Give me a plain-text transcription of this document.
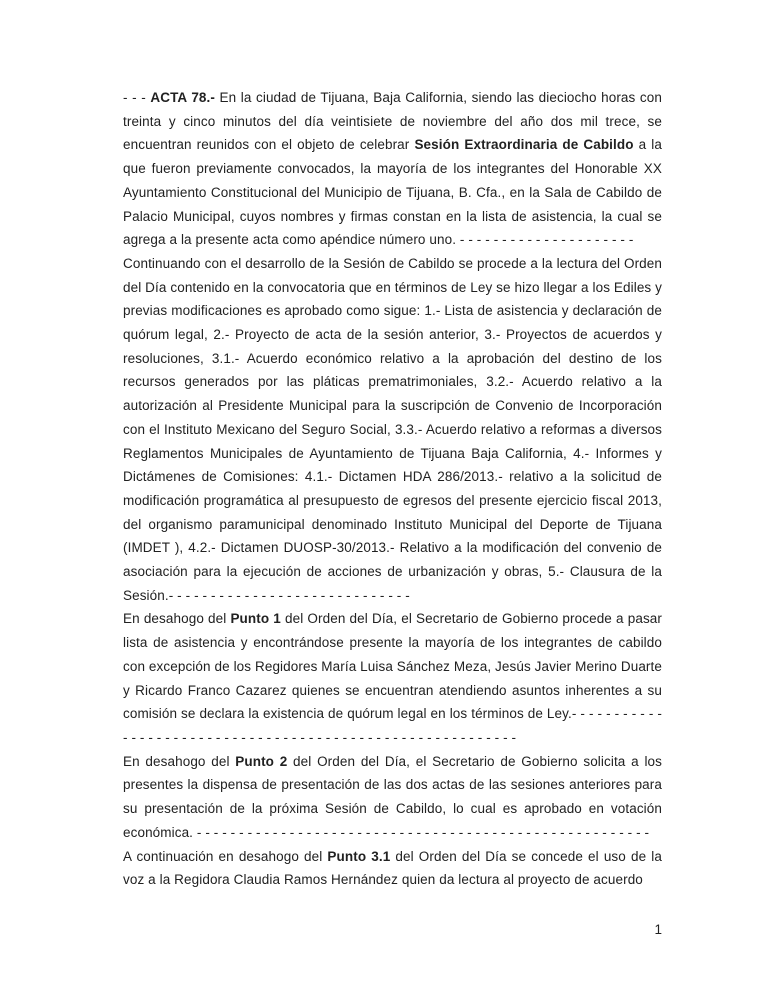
- - - ACTA 78.- En la ciudad de Tijuana, Baja California, siendo las dieciocho horas con treinta y cinco minutos del día veintisiete de noviembre del año dos mil trece, se encuentran reunidos con el objeto de celebrar Sesión Extraordinaria de Cabildo a la que fueron previamente convocados, la mayoría de los integrantes del Honorable XX Ayuntamiento Constitucional del Municipio de Tijuana, B. Cfa., en la Sala de Cabildo de Palacio Municipal, cuyos nombres y firmas constan en la lista de asistencia, la cual se agrega a la presente acta como apéndice número uno. - - - - - - - - - - - - - - - - - - - - -

Continuando con el desarrollo de la Sesión de Cabildo se procede a la lectura del Orden del Día contenido en la convocatoria que en términos de Ley se hizo llegar a los Ediles y previas modificaciones es aprobado como sigue: 1.- Lista de asistencia y declaración de quórum legal, 2.- Proyecto de acta de la sesión anterior, 3.- Proyectos de acuerdos y resoluciones, 3.1.- Acuerdo económico relativo a la aprobación del destino de los recursos generados por las pláticas prematrimoniales, 3.2.- Acuerdo relativo a la autorización al Presidente Municipal para la suscripción de Convenio de Incorporación con el Instituto Mexicano del Seguro Social, 3.3.- Acuerdo relativo a reformas a diversos Reglamentos Municipales de Ayuntamiento de Tijuana Baja California, 4.- Informes y Dictámenes de Comisiones: 4.1.- Dictamen HDA 286/2013.- relativo a la solicitud de modificación programática al presupuesto de egresos del presente ejercicio fiscal 2013, del organismo paramunicipal denominado Instituto Municipal del Deporte de Tijuana (IMDET ), 4.2.- Dictamen DUOSP-30/2013.- Relativo a la modificación del convenio de asociación para la ejecución de acciones de urbanización y obras, 5.- Clausura de la Sesión.- - - - - - - - - - - - - - - - - - - - - - - - - - - - -

En desahogo del Punto 1 del Orden del Día, el Secretario de Gobierno procede a pasar lista de asistencia y encontrándose presente la mayoría de los integrantes de cabildo con excepción de los Regidores María Luisa Sánchez Meza, Jesús Javier Merino Duarte y Ricardo Franco Cazarez quienes se encuentran atendiendo asuntos inherentes a su comisión se declara la existencia de quórum legal en los términos de Ley.- - - - - - - - - - - - - - - - - - - - - - - - - - - - - - - - - - - - - - - - - - - - - - - - - - - - - - - - - -

En desahogo del Punto 2 del Orden del Día, el Secretario de Gobierno solicita a los presentes la dispensa de presentación de las dos actas de las sesiones anteriores para su presentación de la próxima Sesión de Cabildo, lo cual es aprobado en votación económica. - - - - - - - - - - - - - - - - - - - - - - - - - - - - - - - - - - - - - - - - - - - - - - - - - - - - - -

A continuación en desahogo del Punto 3.1 del Orden del Día se concede el uso de la voz a la Regidora Claudia Ramos Hernández quien da lectura al proyecto de acuerdo

1
